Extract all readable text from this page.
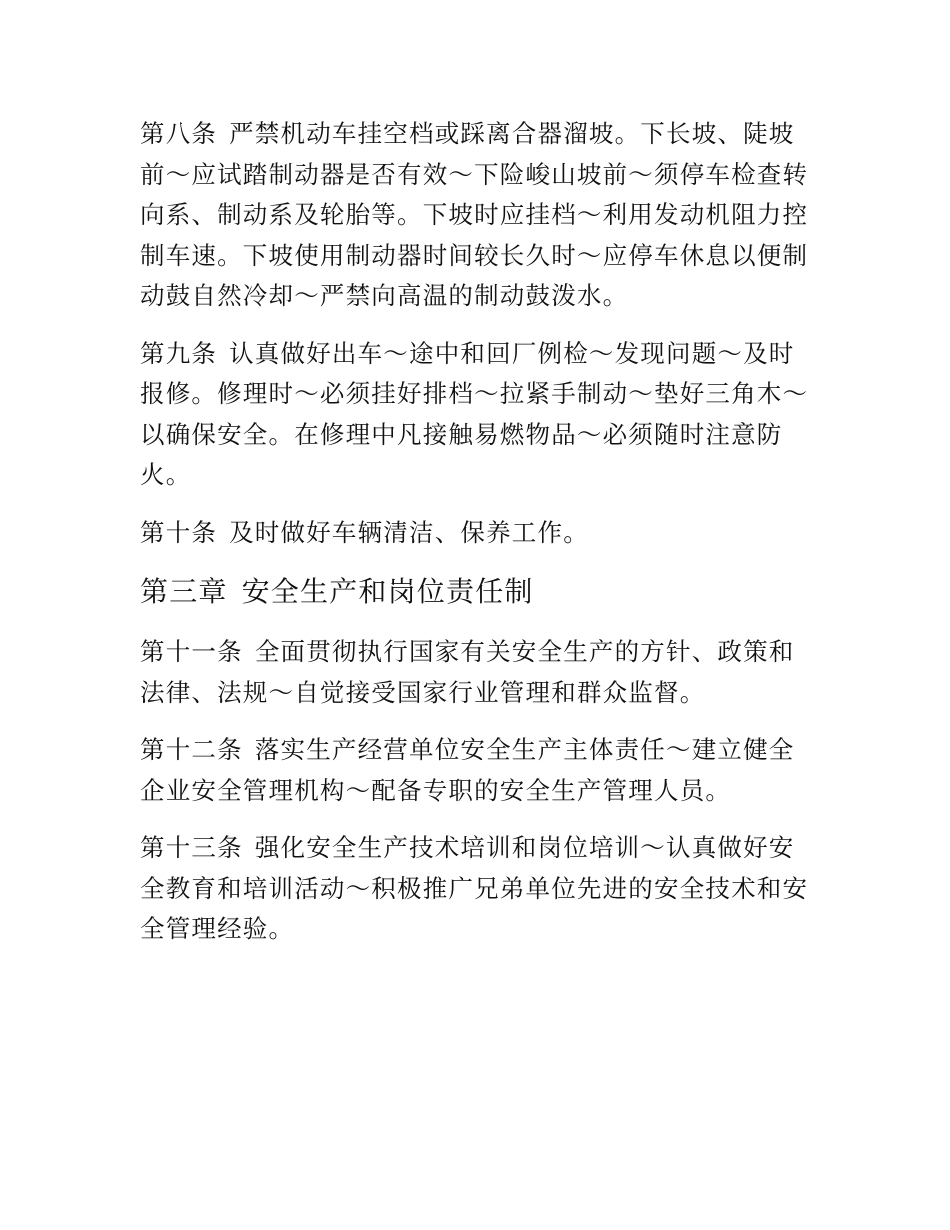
第八条 严禁机动车挂空档或踩离合器溜坡。下长坡、陡坡前～应试踏制动器是否有效～下险峻山坡前～须停车检查转向系、制动系及轮胎等。下坡时应挂档～利用发动机阻力控制车速。下坡使用制动器时间较长久时～应停车休息以便制动鼓自然冷却～严禁向高温的制动鼓泼水。

第九条 认真做好出车～途中和回厂例检～发现问题～及时报修。修理时～必须挂好排档～拉紧手制动～垫好三角木～以确保安全。在修理中凡接触易燃物品～必须随时注意防火。

第十条 及时做好车辆清洁、保养工作。

第三章 安全生产和岗位责任制

第十一条 全面贯彻执行国家有关安全生产的方针、政策和法律、法规～自觉接受国家行业管理和群众监督。

第十二条 落实生产经营单位安全生产主体责任～建立健全企业安全管理机构～配备专职的安全生产管理人员。

第十三条 强化安全生产技术培训和岗位培训～认真做好安全教育和培训活动～积极推广兄弟单位先进的安全技术和安全管理经验。
